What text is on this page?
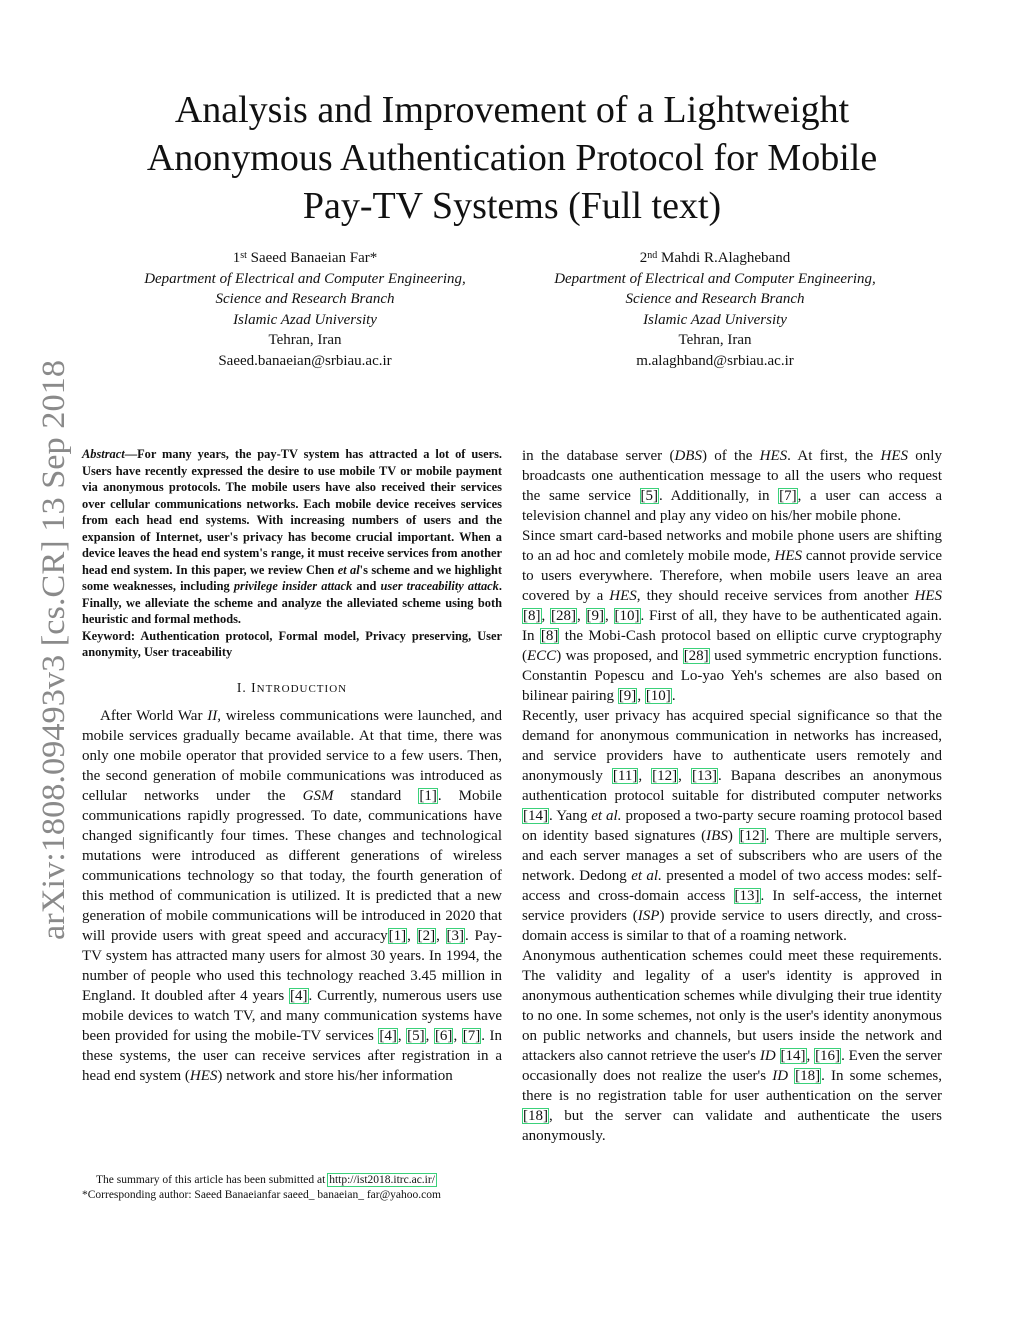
arXiv:1808.09493v3 [cs.CR] 13 Sep 2018
Analysis and Improvement of a Lightweight
Anonymous Authentication Protocol for Mobile
Pay-TV Systems (Full text)
1st Saeed Banaeian Far*
Department of Electrical and Computer Engineering,
Science and Research Branch
Islamic Azad University
Tehran, Iran
Saeed.banaeian@srbiau.ac.ir
2nd Mahdi R.Alagheband
Department of Electrical and Computer Engineering,
Science and Research Branch
Islamic Azad University
Tehran, Iran
m.alaghband@srbiau.ac.ir

Abstract—For many years, the pay-TV system has attracted a lot of users. Users have recently expressed the desire to use mobile TV or mobile payment via anonymous protocols. The mobile users have also received their services over cellular communications networks. Each mobile device receives services from each head end systems. With increasing numbers of users and the expansion of Internet, user's privacy has become crucial important. When a device leaves the head end system's range, it must receive services from another head end system. In this paper, we review Chen et al's scheme and we highlight some weaknesses, including privilege insider attack and user traceability attack. Finally, we alleviate the scheme and analyze the alleviated scheme using both heuristic and formal methods.

Keyword: Authentication protocol, Formal model, Privacy preserving, User anonymity, User traceability

I. INTRODUCTION

After World War II, wireless communications were launched, and mobile services gradually became available. At that time, there was only one mobile operator that provided service to a few users. Then, the second generation of mobile communications was introduced as cellular networks under the GSM standard [1]. Mobile communications rapidly progressed. To date, communications have changed significantly four times. These changes and technological mutations were introduced as different generations of wireless communications technology so that today, the fourth generation of this method of communication is utilized. It is predicted that a new generation of mobile communications will be introduced in 2020 that will provide users with great speed and accuracy[1], [2], [3]. Pay-TV system has attracted many users for almost 30 years. In 1994, the number of people who used this technology reached 3.45 million in England. It doubled after 4 years [4]. Currently, numerous users use mobile devices to watch TV, and many communication systems have been provided for using the mobile-TV services [4], [5], [6], [7]. In these systems, the user can receive services after registration in a head end system (HES) network and store his/her information

The summary of this article has been submitted at http://ist2018.itrc.ac.ir/

*Corresponding author: Saeed Banaeianfar saeed_ banaeian_ far@yahoo.com

in the database server (DBS) of the HES. At first, the HES only broadcasts one authentication message to all the users who request the same service [5]. Additionally, in [7], a user can access a television channel and play any video on his/her mobile phone.

Since smart card-based networks and mobile phone users are shifting to an ad hoc and comletely mobile mode, HES cannot provide service to users everywhere. Therefore, when mobile users leave an area covered by a HES, they should receive services from another HES [8], [28], [9], [10]. First of all, they have to be authenticated again. In [8] the Mobi-Cash protocol based on elliptic curve cryptography (ECC) was proposed, and [28] used symmetric encryption functions. Constantin Popescu and Lo-yao Yeh's schemes are also based on bilinear pairing [9], [10].

Recently, user privacy has acquired special significance so that the demand for anonymous communication in networks has increased, and service providers have to authenticate users remotely and anonymously [11], [12], [13]. Bapana describes an anonymous authentication protocol suitable for distributed computer networks [14]. Yang et al. proposed a two-party secure roaming protocol based on identity based signatures (IBS) [12]. There are multiple servers, and each server manages a set of subscribers who are users of the network. Dedong et al. presented a model of two access modes: self-access and cross-domain access [13]. In self-access, the internet service providers (ISP) provide service to users directly, and cross-domain access is similar to that of a roaming network.

Anonymous authentication schemes could meet these requirements. The validity and legality of a user's identity is approved in anonymous authentication schemes while divulging their true identity to no one. In some schemes, not only is the user's identity anonymous on public networks and channels, but users inside the network and attackers also cannot retrieve the user's ID [14], [16]. Even the server occasionally does not realize the user's ID [18]. In some schemes, there is no registration table for user authentication on the server [18], but the server can validate and authenticate the users anonymously.
